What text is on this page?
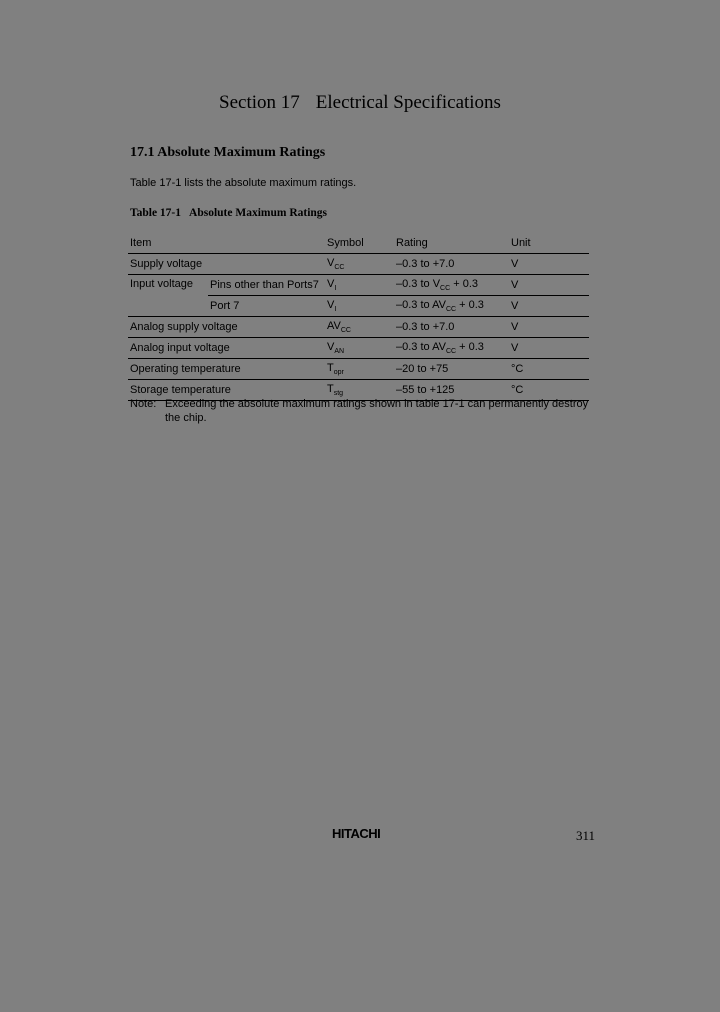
Section 17 Electrical Specifications
17.1 Absolute Maximum Ratings
Table 17-1 lists the absolute maximum ratings.
Table 17-1 Absolute Maximum Ratings
Item		Symbol	Rating	Unit
Supply voltage		$V_{CC}$	–0.3 to +7.0	V
Input voltage	Pins other than Ports7	$V_I$	–0.3 to $V_{CC} + 0.3$	V
	Port 7	$V_I$	–0.3 to $AV_{CC} + 0.3$	V
Analog supply voltage		$AV_{CC}$	–0.3 to +7.0	V
Analog input voltage		$V_{AN}$	–0.3 to $AV_{CC} + 0.3$	V
Operating temperature		$T_{opr}$	–20 to +75	°C
Storage temperature		$T_{stg}$	–55 to +125	°C
Note: Exceeding the absolute maximum ratings shown in table 17-1 can permanently destroy the chip.
HITACHI	311
